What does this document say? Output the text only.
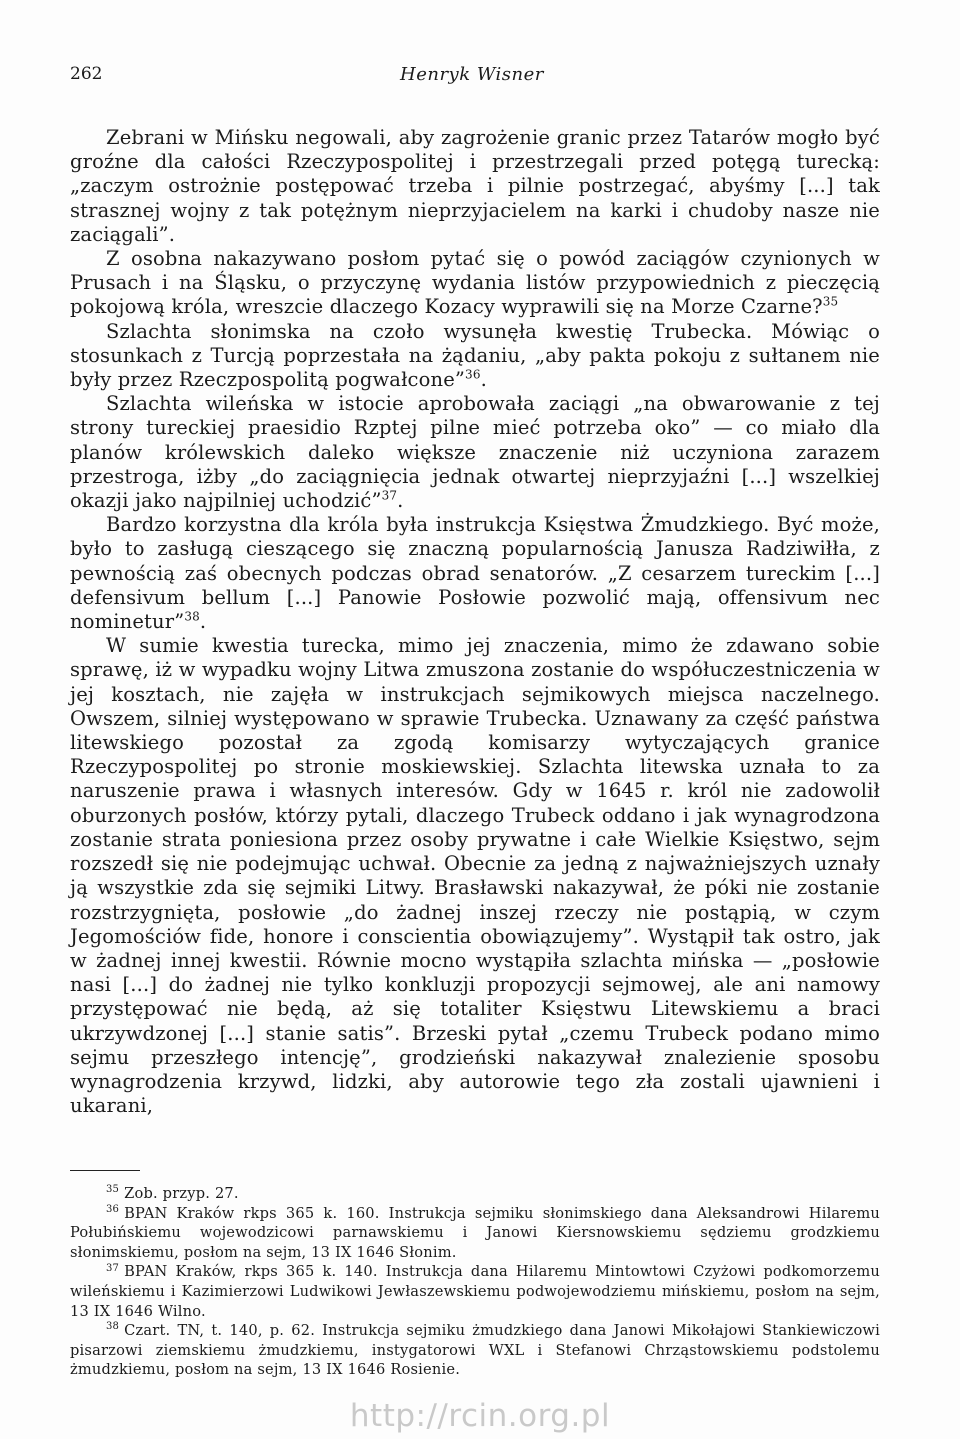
262	Henryk Wisner

Zebrani w Mińsku negowali, aby zagrożenie granic przez Tatarów mogło być groźne dla całości Rzeczypospolitej i przestrzegali przed potęgą turecką: „zaczym ostrożnie postępować trzeba i pilnie postrzegać, abyśmy [...] tak strasznej wojny z tak potężnym nieprzyjacielem na karki i chudoby nasze nie zaciągali”.

Z osobna nakazywano posłom pytać się o powód zaciągów czynionych w Prusach i na Śląsku, o przyczynę wydania listów przypowiednich z pieczęcią pokojową króla, wreszcie dlaczego Kozacy wyprawili się na Morze Czarne?$^{35}$

Szlachta słonimska na czoło wysunęła kwestię Trubecka. Mówiąc o stosunkach z Turcją poprzestała na żądaniu, „aby pakta pokoju z sułtanem nie były przez Rzeczpospolitą pogwałcone”$^{36}$.

Szlachta wileńska w istocie aprobowała zaciągi „na obwarowanie z tej strony tureckiej praesidio Rzptej pilne mieć potrzeba oko” — co miało dla planów królewskich daleko większe znaczenie niż uczyniona zarazem przestroga, iżby „do zaciągnięcia jednak otwartej nieprzyjaźni [...] wszelkiej okazji jako najpilniej uchodzić”$^{37}$.

Bardzo korzystna dla króla była instrukcja Księstwa Żmudzkiego. Być może, było to zasługą cieszącego się znaczną popularnością Janusza Radziwiłła, z pewnością zaś obecnych podczas obrad senatorów. „Z cesarzem tureckim [...] defensivum bellum [...] Panowie Posłowie pozwolić mają, offensivum nec nominetur”$^{38}$.

W sumie kwestia turecka, mimo jej znaczenia, mimo że zdawano sobie sprawę, iż w wypadku wojny Litwa zmuszona zostanie do współuczestniczenia w jej kosztach, nie zajęła w instrukcjach sejmikowych miejsca naczelnego. Owszem, silniej występowano w sprawie Trubecka. Uznawany za część państwa litewskiego pozostał za zgodą komisarzy wytyczających granice Rzeczypospolitej po stronie moskiewskiej. Szlachta litewska uznała to za naruszenie prawa i własnych interesów. Gdy w 1645 r. król nie zadowolił oburzonych posłów, którzy pytali, dlaczego Trubeck oddano i jak wynagrodzona zostanie strata poniesiona przez osoby prywatne i całe Wielkie Księstwo, sejm rozszedł się nie podejmując uchwał. Obecnie za jedną z najważniejszych uznały ją wszystkie zda się sejmiki Litwy. Brasławski nakazywał, że póki nie zostanie rozstrzygnięta, posłowie „do żadnej inszej rzeczy nie postąpią, w czym Jegomościów fide, honore i conscientia obowiązujemy”. Wystąpił tak ostro, jak w żadnej innej kwestii. Równie mocno wystąpiła szlachta mińska — „posłowie nasi [...] do żadnej nie tylko konkluzji propozycji sejmowej, ale ani namowy przystępować nie będą, aż się totaliter Księstwu Litewskiemu a braci ukrzywdzonej [...] stanie satis”. Brzeski pytał „czemu Trubeck podano mimo sejmu przeszłego intencję”, grodzieński nakazywał znalezienie sposobu wynagrodzenia krzywd, lidzki, aby autorowie tego zła zostali ujawnieni i ukarani,

$^{35}$ Zob. przyp. 27.

$^{36}$ BPAN Kraków rkps 365 k. 160. Instrukcja sejmiku słonimskiego dana Aleksandrowi Hilaremu Połubińskiemu wojewodzicowi parnawskiemu i Janowi Kiersnowskiemu sędziemu grodzkiemu słonimskiemu, posłom na sejm, 13 IX 1646 Słonim.

$^{37}$ BPAN Kraków, rkps 365 k. 140. Instrukcja dana Hilaremu Mintowtowi Czyżowi podkomorzemu wileńskiemu i Kazimierzowi Ludwikowi Jewłaszewskiemu podwojewodziemu mińskiemu, posłom na sejm, 13 IX 1646 Wilno.

$^{38}$ Czart. TN, t. 140, p. 62. Instrukcja sejmiku żmudzkiego dana Janowi Mikołajowi Stankiewiczowi pisarzowi ziemskiemu żmudzkiemu, instygatorowi WXL i Stefanowi Chrząstowskiemu podstolemu żmudzkiemu, posłom na sejm, 13 IX 1646 Rosienie.

http://rcin.org.pl
